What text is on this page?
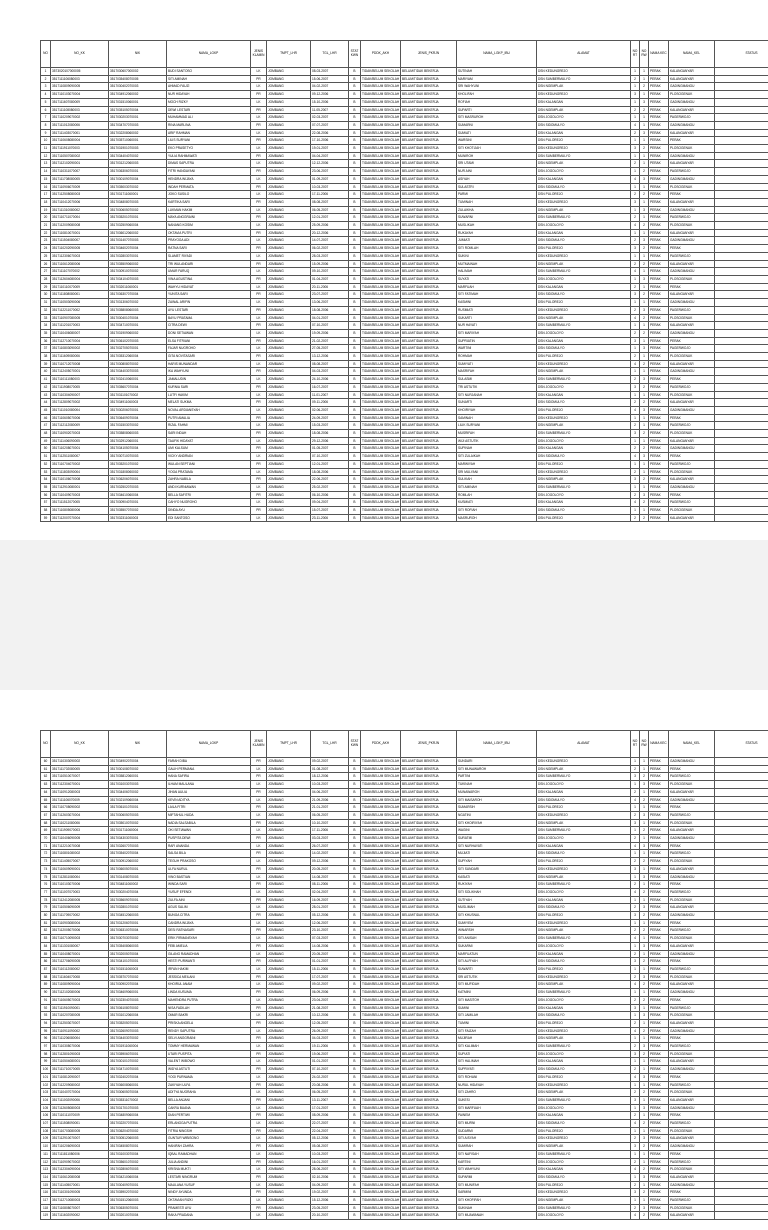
NO	NO_KK	NIK	NAMA_LGKP	JENIS KLAMIN	TMPT_LHR	TGL_LHR	STAT KWN	PDDK_AKH	JENIS_PKRJN	NAMA_LGKP_IBU	ALAMAT	NO RT	NO RW	NAMA KEC	NAMA_KEL	STATUS
1	3573020107000005	3517030607000002	BUDI SANTOSO	LK	JOMBANG	08-03-2007	B	TIDAK/BELUM SEKOLAH	BELUM/TIDAK BEKERJA	SUTINAH	DSN KEDUNGREJO	1	1	PERAK	KALANGANYAR	
2	3517111106080003	3517035408070005	SITI AMINAH	PR	JOMBANG	15-06-2007	B	TIDAK/BELUM SEKOLAH	BELUM/TIDAK BEKERJA	MARIYAM	DSN SUMBERMULYO	2	1	PERAK	KALANGANYAR	
3	3517110809090005	3517030402070003	AHMAD FAUZI	LK	JOMBANG	04-02-2007	B	TIDAK/BELUM SEKOLAH	BELUM/TIDAK BEKERJA	SRI WAHYUNI	DSN NGEMPLAK	1	2	PERAK	GADINGMANGU	
4	3517110103070004	3517034912060002	NUR HIDAYAH	PR	JOMBANG	09-12-2006	B	TIDAK/BELUM SEKOLAH	BELUM/TIDAK BEKERJA	KHOLIFAH	DSN KEDUNGREJO	3	1	PERAK	PLOSOGENUK	
5	3517111607080009	3517031510060001	MOCH RIZKY	LK	JOMBANG	15-10-2006	B	TIDAK/BELUM SEKOLAH	BELUM/TIDAK BEKERJA	ROFIAH	DSN KALANGAN	1	3	PERAK	GADINGMANGU	
6	3517111108080003	3517035105070004	DEWI LESTARI	PR	JOMBANG	11-05-2007	B	TIDAK/BELUM SEKOLAH	BELUM/TIDAK BEKERJA	SUPARTI	DSN NGEMPLAK	2	2	PERAK	KALANGANYAR	
7	3517110209070002	3517030203070001	MUHAMMAD ALI	LK	JOMBANG	02-03-2007	B	TIDAK/BELUM SEKOLAH	BELUM/TIDAK BEKERJA	SITI MASRUROH	DSN JOGOLOYO	1	1	PERAK	PAGERWOJO	
8	3517111012080006	3517034707070003	RINA MARLINA	PR	JOMBANG	07-07-2007	B	TIDAK/BELUM SEKOLAH	BELUM/TIDAK BEKERJA	SUMARNI	DSN SIDOMULYO	4	1	PERAK	GADINGMANGU	
9	3517111403070001	3517032208060002	ARIF RAHMAN	LK	JOMBANG	22-08-2006	B	TIDAK/BELUM SEKOLAH	BELUM/TIDAK BEKERJA	SUMIATI	DSN KALANGAN	2	3	PERAK	KALANGANYAR	
10	3517110608080004	3517035710060001	LILIS SURYANI	PR	JOMBANG	17-10-2006	B	TIDAK/BELUM SEKOLAH	BELUM/TIDAK BEKERJA	WARSINI	DSN PULOREJO	1	1	PERAK	PERAK	
11	3517111911070003	3517031901070003	EKO PRASETYO	LK	JOMBANG	19-01-2007	B	TIDAK/BELUM SEKOLAH	BELUM/TIDAK BEKERJA	SITI KHOTIJAH	DSN KEDUNGREJO	3	2	PERAK	PLOSOGENUK	
12	3517110507080002	3517034404070002	YULIA RAHMAWATI	PR	JOMBANG	04-04-2007	B	TIDAK/BELUM SEKOLAH	BELUM/TIDAK BEKERJA	MUNIROH	DSN SUMBERMULYO	1	1	PERAK	GADINGMANGU	
13	3517112102090001	3517031212060003	DIMAS SAPUTRA	LK	JOMBANG	12-12-2006	B	TIDAK/BELUM SEKOLAH	BELUM/TIDAK BEKERJA	SRI UTAMI	DSN NGEMPLAK	2	1	PERAK	KALANGANYAR	
14	3517110311070007	3517036306070001	FITRI HANDAYANI	PR	JOMBANG	23-06-2007	B	TIDAK/BELUM SEKOLAH	BELUM/TIDAK BEKERJA	NUR AINI	DSN JOGOLOYO	1	2	PERAK	PAGERWOJO	
15	3517111708080005	3517030109070004	HENDRA WIJAYA	LK	JOMBANG	01-09-2007	B	TIDAK/BELUM SEKOLAH	BELUM/TIDAK BEKERJA	ASIYAH	DSN KALANGAN	4	3	PERAK	GADINGMANGU	
16	3517110906070009	3517035003070002	INDAH PERMATA	PR	JOMBANG	10-03-2007	B	TIDAK/BELUM SEKOLAH	BELUM/TIDAK BEKERJA	SULASTRI	DSN SIDOMULYO	1	1	PERAK	PLOSOGENUK	
17	3517112508080003	3517031711060001	JOKO SUSILO	LK	JOMBANG	17-11-2006	B	TIDAK/BELUM SEKOLAH	BELUM/TIDAK BEKERJA	PARMI	DSN PULOREJO	2	2	PERAK	PERAK	
18	3517110412070006	3517034808070003	KARTIKA SARI	PR	JOMBANG	08-08-2007	B	TIDAK/BELUM SEKOLAH	BELUM/TIDAK BEKERJA	TUMINAH	DSN KEDUNGREJO	3	1	PERAK	KALANGANYAR	
19	3517111310080002	3517030605070002	LUKMAN HAKIM	LK	JOMBANG	06-05-2007	B	TIDAK/BELUM SEKOLAH	BELUM/TIDAK BEKERJA	ZULAIKHA	DSN NGEMPLAK	1	3	PERAK	GADINGMANGU	
20	3517110711070004	3517035201070001	MAYA ANGGRAINI	PR	JOMBANG	12-01-2007	B	TIDAK/BELUM SEKOLAH	BELUM/TIDAK BEKERJA	SUWARNI	DSN SUMBERMULYO	2	1	PERAK	PAGERWOJO	
21	3517112009080008	3517032509060004	NANANG KOSIM	LK	JOMBANG	25-09-2006	B	TIDAK/BELUM SEKOLAH	BELUM/TIDAK BEKERJA	MUSLIKAH	DSN JOGOLOYO	4	2	PERAK	PLOSOGENUK	
22	3517110810070001	3517036012060002	OKTAVIA PUTRI	PR	JOMBANG	20-12-2006	B	TIDAK/BELUM SEKOLAH	BELUM/TIDAK BEKERJA	RUKAYAH	DSN KALANGAN	1	1	PERAK	KALANGANYAR	
23	3517111504080007	3517031407070003	PRAYOGA ADI	LK	JOMBANG	14-07-2007	B	TIDAK/BELUM SEKOLAH	BELUM/TIDAK BEKERJA	JUMIATI	DSN SIDOMULYO	2	3	PERAK	GADINGMANGU	
24	3517110202090005	3517034602070004	RATNA SARI	PR	JOMBANG	06-02-2007	B	TIDAK/BELUM SEKOLAH	BELUM/TIDAK BEKERJA	SITI ROMLAH	DSN PULOREJO	3	2	PERAK	PERAK	
25	3517112306070003	3517032803070001	SLAMET RIYADI	LK	JOMBANG	28-03-2007	B	TIDAK/BELUM SEKOLAH	BELUM/TIDAK BEKERJA	SUKINI	DSN KEDUNGREJO	1	1	PERAK	PAGERWOJO	
26	3517110612080006	3517035509060002	TRI WULANDARI	PR	JOMBANG	15-09-2006	B	TIDAK/BELUM SEKOLAH	BELUM/TIDAK BEKERJA	MUTMAINAH	DSN NGEMPLAK	2	2	PERAK	KALANGANYAR	
27	3517111107070002	3517030910070002	UMAR FARUQ	LK	JOMBANG	09-10-2007	B	TIDAK/BELUM SEKOLAH	BELUM/TIDAK BEKERJA	HALIMAH	DSN SUMBERMULYO	4	1	PERAK	GADINGMANGU	
28	3517112604080004	3517034104070003	VINA AGUSTINA	PR	JOMBANG	01-04-2007	B	TIDAK/BELUM SEKOLAH	BELUM/TIDAK BEKERJA	SUYATI	DSN JOGOLOYO	1	3	PERAK	PLOSOGENUK	
29	3517110110070009	3517032011060001	WAHYU HIDAYAT	LK	JOMBANG	20-11-2006	B	TIDAK/BELUM SEKOLAH	BELUM/TIDAK BEKERJA	MARFUAH	DSN KALANGAN	2	1	PERAK	PERAK	
30	3517111808080001	3517036307070004	YUNITA SARI	PR	JOMBANG	23-07-2007	B	TIDAK/BELUM SEKOLAH	BELUM/TIDAK BEKERJA	SITI FATIMAH	DSN SIDOMULYO	3	2	PERAK	KALANGANYAR	
31	3517110503090006	3517031306070002	ZAINAL ARIFIN	LK	JOMBANG	13-06-2007	B	TIDAK/BELUM SEKOLAH	BELUM/TIDAK BEKERJA	KASMINI	DSN PULOREJO	1	1	PERAK	GADINGMANGU	
32	3517112211070002	3517035808060003	AYU LESTARI	PR	JOMBANG	18-08-2006	B	TIDAK/BELUM SEKOLAH	BELUM/TIDAK BEKERJA	RUSMIATI	DSN KEDUNGREJO	2	3	PERAK	PAGERWOJO	
33	3517110907080005	3517030401070004	BAYU PRATAMA	LK	JOMBANG	04-01-2007	B	TIDAK/BELUM SEKOLAH	BELUM/TIDAK BEKERJA	SUKARTI	DSN NGEMPLAK	4	2	PERAK	PLOSOGENUK	
34	3517111201070003	3517034710070001	CITRA DEWI	PR	JOMBANG	07-10-2007	B	TIDAK/BELUM SEKOLAH	BELUM/TIDAK BEKERJA	NUR HAYATI	DSN SUMBERMULYO	1	1	PERAK	KALANGANYAR	
35	3517110406080007	3517031909060002	DONI SETIAWAN	LK	JOMBANG	19-09-2006	B	TIDAK/BELUM SEKOLAH	BELUM/TIDAK BEKERJA	SITI MARIYAH	DSN JOGOLOYO	2	2	PERAK	GADINGMANGU	
36	3517112710070004	3517036102070003	ELSA FITRIANI	PR	JOMBANG	21-02-2007	B	TIDAK/BELUM SEKOLAH	BELUM/TIDAK BEKERJA	SUPRIATIN	DSN KALANGAN	3	1	PERAK	PERAK	
37	3517110803090002	3517032705070001	FAJAR NUGROHO	LK	JOMBANG	27-05-2007	B	TIDAK/BELUM SEKOLAH	BELUM/TIDAK BEKERJA	WARTINI	DSN SIDOMULYO	1	3	PERAK	PAGERWOJO	
38	3517111609080006	3517035312060004	GITA NOVITASARI	PR	JOMBANG	13-12-2006	B	TIDAK/BELUM SEKOLAH	BELUM/TIDAK BEKERJA	ROHMAH	DSN PULOREJO	2	1	PERAK	PLOSOGENUK	
39	3517110712070008	3517030808070002	HARIS MUNANDAR	LK	JOMBANG	08-08-2007	B	TIDAK/BELUM SEKOLAH	BELUM/TIDAK BEKERJA	SUMIYATI	DSN KEDUNGREJO	4	2	PERAK	KALANGANYAR	
40	3517112405070001	3517034403070003	IKA WAHYUNI	PR	JOMBANG	04-03-2007	B	TIDAK/BELUM SEKOLAH	BELUM/TIDAK BEKERJA	MASRIFAH	DSN NGEMPLAK	1	1	PERAK	GADINGMANGU	
41	3517110111080003	3517032410060001	JAMALUDIN	LK	JOMBANG	24-10-2006	B	TIDAK/BELUM SEKOLAH	BELUM/TIDAK BEKERJA	SULASMI	DSN SUMBERMULYO	2	3	PERAK	PERAK	
42	3517111908070005	3517035607070004	KURNIA SARI	PR	JOMBANG	16-07-2007	B	TIDAK/BELUM SEKOLAH	BELUM/TIDAK BEKERJA	TRI ASTUTIK	DSN JOGOLOYO	3	2	PERAK	PAGERWOJO	
43	3517110304090007	3517031101070002	LUTFI HAKIM	LK	JOMBANG	11-01-2007	B	TIDAK/BELUM SEKOLAH	BELUM/TIDAK BEKERJA	SITI NURJANAH	DSN KALANGAN	1	1	PERAK	PLOSOGENUK	
44	3517112809070002	3517034911060003	MELATI SUKMA	PR	JOMBANG	09-11-2006	B	TIDAK/BELUM SEKOLAH	BELUM/TIDAK BEKERJA	SUNARTI	DSN SIDOMULYO	2	2	PERAK	KALANGANYAR	
45	3517111010080004	3517030206070001	NOVAL ARDIANSYAH	LK	JOMBANG	02-06-2007	B	TIDAK/BELUM SEKOLAH	BELUM/TIDAK BEKERJA	KHOIRIYAH	DSN PULOREJO	4	3	PERAK	GADINGMANGU	
46	3517110605070006	3517036409070004	PUTRI AMALIA	PR	JOMBANG	24-09-2007	B	TIDAK/BELUM SEKOLAH	BELUM/TIDAK BEKERJA	SAMINAH	DSN KEDUNGREJO	1	1	PERAK	PERAK	
47	3517112112080009	3517031503070002	RIZAL FAHMI	LK	JOMBANG	15-03-2007	B	TIDAK/BELUM SEKOLAH	BELUM/TIDAK BEKERJA	LILIK SURYANI	DSN NGEMPLAK	2	1	PERAK	PAGERWOJO	
48	3517110902070003	3517035808060003	SARI INDAH	PR	JOMBANG	18-08-2006	B	TIDAK/BELUM SEKOLAH	BELUM/TIDAK BEKERJA	MUSRIFAH	DSN SUMBERMULYO	3	2	PERAK	PLOSOGENUK	
49	3517111406090005	3517032912060001	TAUFIK HIDAYAT	LK	JOMBANG	29-12-2006	B	TIDAK/BELUM SEKOLAH	BELUM/TIDAK BEKERJA	WIJI ASTUTIK	DSN JOGOLOYO	1	1	PERAK	KALANGANYAR	
50	3517110208070001	3517034105070004	UMI KALSUM	PR	JOMBANG	01-05-2007	B	TIDAK/BELUM SEKOLAH	BELUM/TIDAK BEKERJA	SUPINAH	DSN KALANGAN	2	2	PERAK	GADINGMANGU	
51	3517112511080007	3517030710070003	VICKY ANDRIAN	LK	JOMBANG	07-10-2007	B	TIDAK/BELUM SEKOLAH	BELUM/TIDAK BEKERJA	SITI ZULAIKAH	DSN SIDOMULYO	4	3	PERAK	PERAK	
52	3517110704070002	3517035201070002	WULAN SEPTIANI	PR	JOMBANG	12-01-2007	B	TIDAK/BELUM SEKOLAH	BELUM/TIDAK BEKERJA	MARWIYAH	DSN PULOREJO	1	1	PERAK	PAGERWOJO	
53	3517111803090004	3517031808060002	YOGA PRATAMA	LK	JOMBANG	18-08-2006	B	TIDAK/BELUM SEKOLAH	BELUM/TIDAK BEKERJA	SRI MULYANI	DSN KEDUNGREJO	2	1	PERAK	PLOSOGENUK	
54	3517110106070008	3517036206070001	ZAHRA NABILA	PR	JOMBANG	22-06-2007	B	TIDAK/BELUM SEKOLAH	BELUM/TIDAK BEKERJA	SULIKAH	DSN NGEMPLAK	3	2	PERAK	KALANGANYAR	
55	3517112910080001	3517032502070003	ANDI KURNIAWAN	LK	JOMBANG	25-02-2007	B	TIDAK/BELUM SEKOLAH	BELUM/TIDAK BEKERJA	SITI AMINAH	DSN SUMBERMULYO	1	1	PERAK	GADINGMANGU	
56	3517110409070003	3517034610060004	BELLA SAFITRI	PR	JOMBANG	06-10-2006	B	TIDAK/BELUM SEKOLAH	BELUM/TIDAK BEKERJA	ROMLAH	DSN JOGOLOYO	2	3	PERAK	PERAK	
57	3517111512070005	3517030904070001	CAHYO NUGROHO	LK	JOMBANG	09-04-2007	B	TIDAK/BELUM SEKOLAH	BELUM/TIDAK BEKERJA	KUSMIATI	DSN KALANGAN	4	2	PERAK	PAGERWOJO	
58	3517110805080006	3517035507070002	DINDA AYU	PR	JOMBANG	15-07-2007	B	TIDAK/BELUM SEKOLAH	BELUM/TIDAK BEKERJA	SITI ROFIAH	DSN SIDOMULYO	1	1	PERAK	PLOSOGENUK	
59	3517112007070004	3517032311060003	EDI SANTOSO	LK	JOMBANG	23-11-2006	B	TIDAK/BELUM SEKOLAH	BELUM/TIDAK BEKERJA	MASRUROH	DSN PULOREJO	2	2	PERAK	KALANGANYAR	
NO	NO_KK	NIK	NAMA_LGKP	JENIS KLAMIN	TMPT_LHR	TGL_LHR	STAT KWN	PDDK_AKH	JENIS_PKRJN	NAMA_LGKP_IBU	ALAMAT	NO RT	NO RW	NAMA KEC	NAMA_KEL	STATUS
60	3517110303090002	3517034902070004	FARAH DIBA	PR	JOMBANG	09-02-2007	B	TIDAK/BELUM SEKOLAH	BELUM/TIDAK BEKERJA	SUNDARI	DSN KEDUNGREJO	1	1	PERAK	GADINGMANGU	
61	3517111702080005	3517030108070002	GALIH PERMANA	LK	JOMBANG	01-08-2007	B	TIDAK/BELUM SEKOLAH	BELUM/TIDAK BEKERJA	SITI MUNAWAROH	DSN NGEMPLAK	2	1	PERAK	PERAK	
62	3517110510070007	3517035812060001	HANA SAFIRA	PR	JOMBANG	18-12-2006	B	TIDAK/BELUM SEKOLAH	BELUM/TIDAK BEKERJA	PARTINI	DSN SUMBERMULYO	3	2	PERAK	PAGERWOJO	
63	3517112304070001	3517031003070003	ILHAM MAULANA	LK	JOMBANG	10-03-2007	B	TIDAK/BELUM SEKOLAH	BELUM/TIDAK BEKERJA	TUKINAH	DSN JOGOLOYO	1	3	PERAK	PLOSOGENUK	
64	3517110912080003	3517034406070002	JIHAN AULIA	PR	JOMBANG	04-06-2007	B	TIDAK/BELUM SEKOLAH	BELUM/TIDAK BEKERJA	MUNAWAROH	DSN KALANGAN	2	1	PERAK	KALANGANYAR	
65	3517111106070009	3517032109060004	KEVIN ADITYA	LK	JOMBANG	21-09-2006	B	TIDAK/BELUM SEKOLAH	BELUM/TIDAK BEKERJA	SITI MAISAROH	DSN SIDOMULYO	4	2	PERAK	GADINGMANGU	
66	3517110708090002	3517036101070001	LAILA FITRI	PR	JOMBANG	21-01-2007	B	TIDAK/BELUM SEKOLAH	BELUM/TIDAK BEKERJA	SUMARSIH	DSN PULOREJO	1	1	PERAK	PERAK	
67	3517112603070004	3517030605070003	MIFTAHUL HUDA	LK	JOMBANG	06-05-2007	B	TIDAK/BELUM SEKOLAH	BELUM/TIDAK BEKERJA	NGATINI	DSN KEDUNGREJO	2	3	PERAK	PAGERWOJO	
68	3517110211080006	3517035010070002	NADIA SALSABILA	PR	JOMBANG	10-10-2007	B	TIDAK/BELUM SEKOLAH	BELUM/TIDAK BEKERJA	SITI KHOIRIYAH	DSN NGEMPLAK	3	1	PERAK	PLOSOGENUK	
69	3517111909070003	3517031711060004	OKI SETIAWAN	LK	JOMBANG	17-11-2006	B	TIDAK/BELUM SEKOLAH	BELUM/TIDAK BEKERJA	WAGINI	DSN SUMBERMULYO	1	2	PERAK	KALANGANYAR	
70	3517110406090005	3517034303070001	PUSPITA DEWI	PR	JOMBANG	03-03-2007	B	TIDAK/BELUM SEKOLAH	BELUM/TIDAK BEKERJA	SURATMI	DSN JOGOLOYO	2	1	PERAK	GADINGMANGU	
71	3517112210070008	3517032607070003	RAFI ANANDA	LK	JOMBANG	26-07-2007	B	TIDAK/BELUM SEKOLAH	BELUM/TIDAK BEKERJA	SITI NURHAYATI	DSN KALANGAN	4	3	PERAK	PERAK	
72	3517110801080002	3517035402070004	SALSA BILA	PR	JOMBANG	14-02-2007	B	TIDAK/BELUM SEKOLAH	BELUM/TIDAK BEKERJA	MUJIATI	DSN SIDOMULYO	1	1	PERAK	PAGERWOJO	
73	3517111405070007	3517030912060002	TEGUH PRAKOSO	LK	JOMBANG	09-12-2006	B	TIDAK/BELUM SEKOLAH	BELUM/TIDAK BEKERJA	SUPIYAH	DSN PULOREJO	2	2	PERAK	PLOSOGENUK	
74	3517110609090001	3517036005070001	ULFA NURUL	PR	JOMBANG	20-05-2007	B	TIDAK/BELUM SEKOLAH	BELUM/TIDAK BEKERJA	SITI SUNDARI	DSN KEDUNGREJO	3	1	PERAK	KALANGANYAR	
75	3517112811080004	3517031408070003	VINO BASTIAN	LK	JOMBANG	14-08-2007	B	TIDAK/BELUM SEKOLAH	BELUM/TIDAK BEKERJA	KASIATI	DSN NGEMPLAK	1	3	PERAK	GADINGMANGU	
76	3517110103070006	3517034811060002	WINDA SARI	PR	JOMBANG	08-11-2006	B	TIDAK/BELUM SEKOLAH	BELUM/TIDAK BEKERJA	RUKIYAH	DSN SUMBERMULYO	2	1	PERAK	PERAK	
77	3517111007070003	3517030204070004	YUSUF EFENDI	LK	JOMBANG	02-04-2007	B	TIDAK/BELUM SEKOLAH	BELUM/TIDAK BEKERJA	SITI SOLIKHAH	DSN JOGOLOYO	4	2	PERAK	PAGERWOJO	
78	3517112412080005	3517035609070001	ZULFA AINI	PR	JOMBANG	16-09-2007	B	TIDAK/BELUM SEKOLAH	BELUM/TIDAK BEKERJA	SUTIYAH	DSN KALANGAN	1	1	PERAK	PLOSOGENUK	
79	3517110506090009	3517032801070002	AGUS SALIM	LK	JOMBANG	28-01-2007	B	TIDAK/BELUM SEKOLAH	BELUM/TIDAK BEKERJA	MUSLIMAH	DSN SIDOMULYO	2	3	PERAK	KALANGANYAR	
80	3517111709070002	3517034512060003	BUNGA CITRA	PR	JOMBANG	05-12-2006	B	TIDAK/BELUM SEKOLAH	BELUM/TIDAK BEKERJA	SITI KHUSNUL	DSN PULOREJO	3	2	PERAK	GADINGMANGU	
81	3517110903080004	3517031206070001	CANDRA WIJAYA	LK	JOMBANG	12-06-2007	B	TIDAK/BELUM SEKOLAH	BELUM/TIDAK BEKERJA	SUMIYEM	DSN KEDUNGREJO	1	1	PERAK	PERAK	
82	3517112005070006	3517036310070004	DESI RATNASARI	PR	JOMBANG	23-10-2007	B	TIDAK/BELUM SEKOLAH	BELUM/TIDAK BEKERJA	WINARSIH	DSN NGEMPLAK	2	2	PERAK	PAGERWOJO	
83	3517110710090003	3517030703070002	ERIK FIRMANSYAH	LK	JOMBANG	07-03-2007	B	TIDAK/BELUM SEKOLAH	BELUM/TIDAK BEKERJA	SITI ANISAH	DSN SUMBERMULYO	4	1	PERAK	PLOSOGENUK	
84	3517111301080007	3517035408060003	FEBI AMELIA	PR	JOMBANG	14-08-2006	B	TIDAK/BELUM SEKOLAH	BELUM/TIDAK BEKERJA	SUKARMI	DSN JOGOLOYO	1	3	PERAK	KALANGANYAR	
85	3517110408070001	3517032005070004	GILANG RAMADHAN	LK	JOMBANG	20-05-2007	B	TIDAK/BELUM SEKOLAH	BELUM/TIDAK BEKERJA	MARFUATUN	DSN KALANGAN	2	1	PERAK	GADINGMANGU	
86	3517112706090005	3517034101070001	HESTI PURWANTI	PR	JOMBANG	01-01-2007	B	TIDAK/BELUM SEKOLAH	BELUM/TIDAK BEKERJA	SITI ALFIYAH	DSN SIDOMULYO	3	2	PERAK	PERAK	
87	3517110112080002	3517031511060003	IRFAN HAKIM	LK	JOMBANG	15-11-2006	B	TIDAK/BELUM SEKOLAH	BELUM/TIDAK BEKERJA	SUWARTI	DSN PULOREJO	1	1	PERAK	PAGERWOJO	
88	3517111604070008	3517035707070002	JESSICA MEILANI	PR	JOMBANG	17-07-2007	B	TIDAK/BELUM SEKOLAH	BELUM/TIDAK BEKERJA	SRI ASTUTIK	DSN KEDUNGREJO	2	3	PERAK	PLOSOGENUK	
89	3517110809090004	3517030902070004	KHOIRUL ANAM	LK	JOMBANG	09-02-2007	B	TIDAK/BELUM SEKOLAH	BELUM/TIDAK BEKERJA	SITI MUFIDAH	DSN NGEMPLAK	4	2	PERAK	KALANGANYAR	
90	3517112102080006	3517034609060001	LINDA KUSUMA	PR	JOMBANG	06-09-2006	B	TIDAK/BELUM SEKOLAH	BELUM/TIDAK BEKERJA	KATMINI	DSN SUMBERMULYO	1	1	PERAK	GADINGMANGU	
91	3517110605070003	3517032304070003	MAHENDRA PUTRA	LK	JOMBANG	23-04-2007	B	TIDAK/BELUM SEKOLAH	BELUM/TIDAK BEKERJA	SITI MASITOH	DSN JOGOLOYO	2	2	PERAK	PERAK	
92	3517111910090001	3517036108070002	NISA FADILAH	PR	JOMBANG	21-08-2007	B	TIDAK/BELUM SEKOLAH	BELUM/TIDAK BEKERJA	SUMINI	DSN KALANGAN	3	1	PERAK	PAGERWOJO	
93	3517110207080005	3517031012060004	OMAR BAKRI	LK	JOMBANG	10-12-2006	B	TIDAK/BELUM SEKOLAH	BELUM/TIDAK BEKERJA	SITI JAMILAH	DSN SIDOMULYO	1	3	PERAK	PLOSOGENUK	
94	3517112503070007	3517035205070001	PRISKA ANGELA	PR	JOMBANG	12-05-2007	B	TIDAK/BELUM SEKOLAH	BELUM/TIDAK BEKERJA	TUMINI	DSN PULOREJO	2	1	PERAK	KALANGANYAR	
95	3517110911090002	3517032609070003	RENDY SAPUTRA	LK	JOMBANG	26-09-2007	B	TIDAK/BELUM SEKOLAH	BELUM/TIDAK BEKERJA	SITI FAIZAH	DSN KEDUNGREJO	4	2	PERAK	GADINGMANGU	
96	3517111206080004	3517034403070002	SELVI ANGGRAINI	PR	JOMBANG	04-03-2007	B	TIDAK/BELUM SEKOLAH	BELUM/TIDAK BEKERJA	MUJIRAH	DSN NGEMPLAK	1	1	PERAK	PERAK	
97	3517110308070006	3517031911060004	TOMMY HERMAWAN	LK	JOMBANG	19-11-2006	B	TIDAK/BELUM SEKOLAH	BELUM/TIDAK BEKERJA	SITI KALIMAH	DSN SUMBERMULYO	2	3	PERAK	PAGERWOJO	
98	3517112801090003	3517035906070001	UTARI PUSPITA	PR	JOMBANG	19-06-2007	B	TIDAK/BELUM SEKOLAH	BELUM/TIDAK BEKERJA	SUPIATI	DSN JOGOLOYO	3	2	PERAK	PLOSOGENUK	
99	3517110504080001	3517030101070002	VALENT WIBOWO	LK	JOMBANG	01-01-2007	B	TIDAK/BELUM SEKOLAH	BELUM/TIDAK BEKERJA	SITI HALIMAH	DSN KALANGAN	1	1	PERAK	KALANGANYAR	
100	3517111710070005	3517034710070003	WIDYA ASTUTI	PR	JOMBANG	07-10-2007	B	TIDAK/BELUM SEKOLAH	BELUM/TIDAK BEKERJA	SUPRIYATI	DSN SIDOMULYO	2	1	PERAK	GADINGMANGU	
101	3517110812090007	3517032402070004	YOGI PURNAMA	LK	JOMBANG	24-02-2007	B	TIDAK/BELUM SEKOLAH	BELUM/TIDAK BEKERJA	SITI ROHANI	DSN PULOREJO	4	3	PERAK	PERAK	
102	3517112209080002	3517036008060001	ZAKIYAH ULFA	PR	JOMBANG	20-08-2006	B	TIDAK/BELUM SEKOLAH	BELUM/TIDAK BEKERJA	NURUL HIDAYAH	DSN KEDUNGREJO	1	1	PERAK	PAGERWOJO	
103	3517110407070004	3517030605070004	ADITYA NUGRAHA	LK	JOMBANG	06-05-2007	B	TIDAK/BELUM SEKOLAH	BELUM/TIDAK BEKERJA	SITI ZAHRO	DSN NGEMPLAK	2	2	PERAK	PLOSOGENUK	
104	3517111002090006	3517035311070002	BELLA ANJANI	PR	JOMBANG	13-11-2007	B	TIDAK/BELUM SEKOLAH	BELUM/TIDAK BEKERJA	SUKESI	DSN SUMBERMULYO	3	1	PERAK	KALANGANYAR	
105	3517112605080003	3517031701070003	CAKRA BUANA	LK	JOMBANG	17-01-2007	B	TIDAK/BELUM SEKOLAH	BELUM/TIDAK BEKERJA	SITI MARFUAH	DSN JOGOLOYO	1	3	PERAK	GADINGMANGU	
106	3517110111070009	3517034809060004	DIAN PERTIWI	PR	JOMBANG	08-09-2006	B	TIDAK/BELUM SEKOLAH	BELUM/TIDAK BEKERJA	PAINEM	DSN KALANGAN	2	1	PERAK	PERAK	
107	3517111508090001	3517032207070001	ERLANGGA PUTRA	LK	JOMBANG	22-07-2007	B	TIDAK/BELUM SEKOLAH	BELUM/TIDAK BEKERJA	SITI MURNI	DSN SIDOMULYO	4	2	PERAK	PAGERWOJO	
108	3517110703080005	3517036204070002	FITRIA NINGSIH	PR	JOMBANG	22-04-2007	B	TIDAK/BELUM SEKOLAH	BELUM/TIDAK BEKERJA	SUDARMI	DSN PULOREJO	1	1	PERAK	PLOSOGENUK	
109	3517112910070007	3517030512060003	GUNTUR WIBISONO	LK	JOMBANG	05-12-2006	B	TIDAK/BELUM SEKOLAH	BELUM/TIDAK BEKERJA	SITI AISYAH	DSN KEDUNGREJO	2	3	PERAK	KALANGANYAR	
110	3517110206090003	3517034508070001	HANIFAH ZAHRA	PR	JOMBANG	05-08-2007	B	TIDAK/BELUM SEKOLAH	BELUM/TIDAK BEKERJA	SUMIRAH	DSN NGEMPLAK	3	2	PERAK	GADINGMANGU	
111	3517111811080006	3517031003070004	IQBAL RAMADHAN	LK	JOMBANG	10-03-2007	B	TIDAK/BELUM SEKOLAH	BELUM/TIDAK BEKERJA	SITI NAFISAH	DSN SUMBERMULYO	1	1	PERAK	PERAK	
112	3517110909070002	3517035601070002	JULIA ANDINI	PR	JOMBANG	16-01-2007	B	TIDAK/BELUM SEKOLAH	BELUM/TIDAK BEKERJA	KARTINI	DSN JOGOLOYO	2	1	PERAK	PAGERWOJO	
113	3517112304090004	3517032806070003	KRISNA MUKTI	LK	JOMBANG	28-06-2007	B	TIDAK/BELUM SEKOLAH	BELUM/TIDAK BEKERJA	SITI WAHYUNI	DSN KALANGAN	4	2	PERAK	PLOSOGENUK	
114	3517110612080008	3517034210060004	LESTARI NINGRUM	PR	JOMBANG	02-10-2006	B	TIDAK/BELUM SEKOLAH	BELUM/TIDAK BEKERJA	SUPARMI	DSN SIDOMULYO	1	3	PERAK	KALANGANYAR	
115	3517111405070001	3517030409070001	MAULANA YUSUF	LK	JOMBANG	04-09-2007	B	TIDAK/BELUM SEKOLAH	BELUM/TIDAK BEKERJA	SITI MUNIFAH	DSN PULOREJO	2	1	PERAK	GADINGMANGU	
116	3517110301090005	3517035902070002	NINDY AYUNDA	PR	JOMBANG	19-02-2007	B	TIDAK/BELUM SEKOLAH	BELUM/TIDAK BEKERJA	SARMINI	DSN KEDUNGREJO	3	2	PERAK	PERAK	
117	3517112710080003	3517031512060003	OKTAVIAN RIZKI	LK	JOMBANG	15-12-2006	B	TIDAK/BELUM SEKOLAH	BELUM/TIDAK BEKERJA	SITI KHOFIFAH	DSN NGEMPLAK	1	1	PERAK	PAGERWOJO	
118	3517110808070007	3517036305070001	PRAMESTI AYU	PR	JOMBANG	23-05-2007	B	TIDAK/BELUM SEKOLAH	BELUM/TIDAK BEKERJA	SUKINAH	DSN SUMBERMULYO	2	3	PERAK	PLOSOGENUK	
119	3517111602090002	3517032010070004	RAKA PRADANA	LK	JOMBANG	20-10-2007	B	TIDAK/BELUM SEKOLAH	BELUM/TIDAK BEKERJA	SITI MUAWANAH	DSN JOGOLOYO	4	2	PERAK	KALANGANYAR	
